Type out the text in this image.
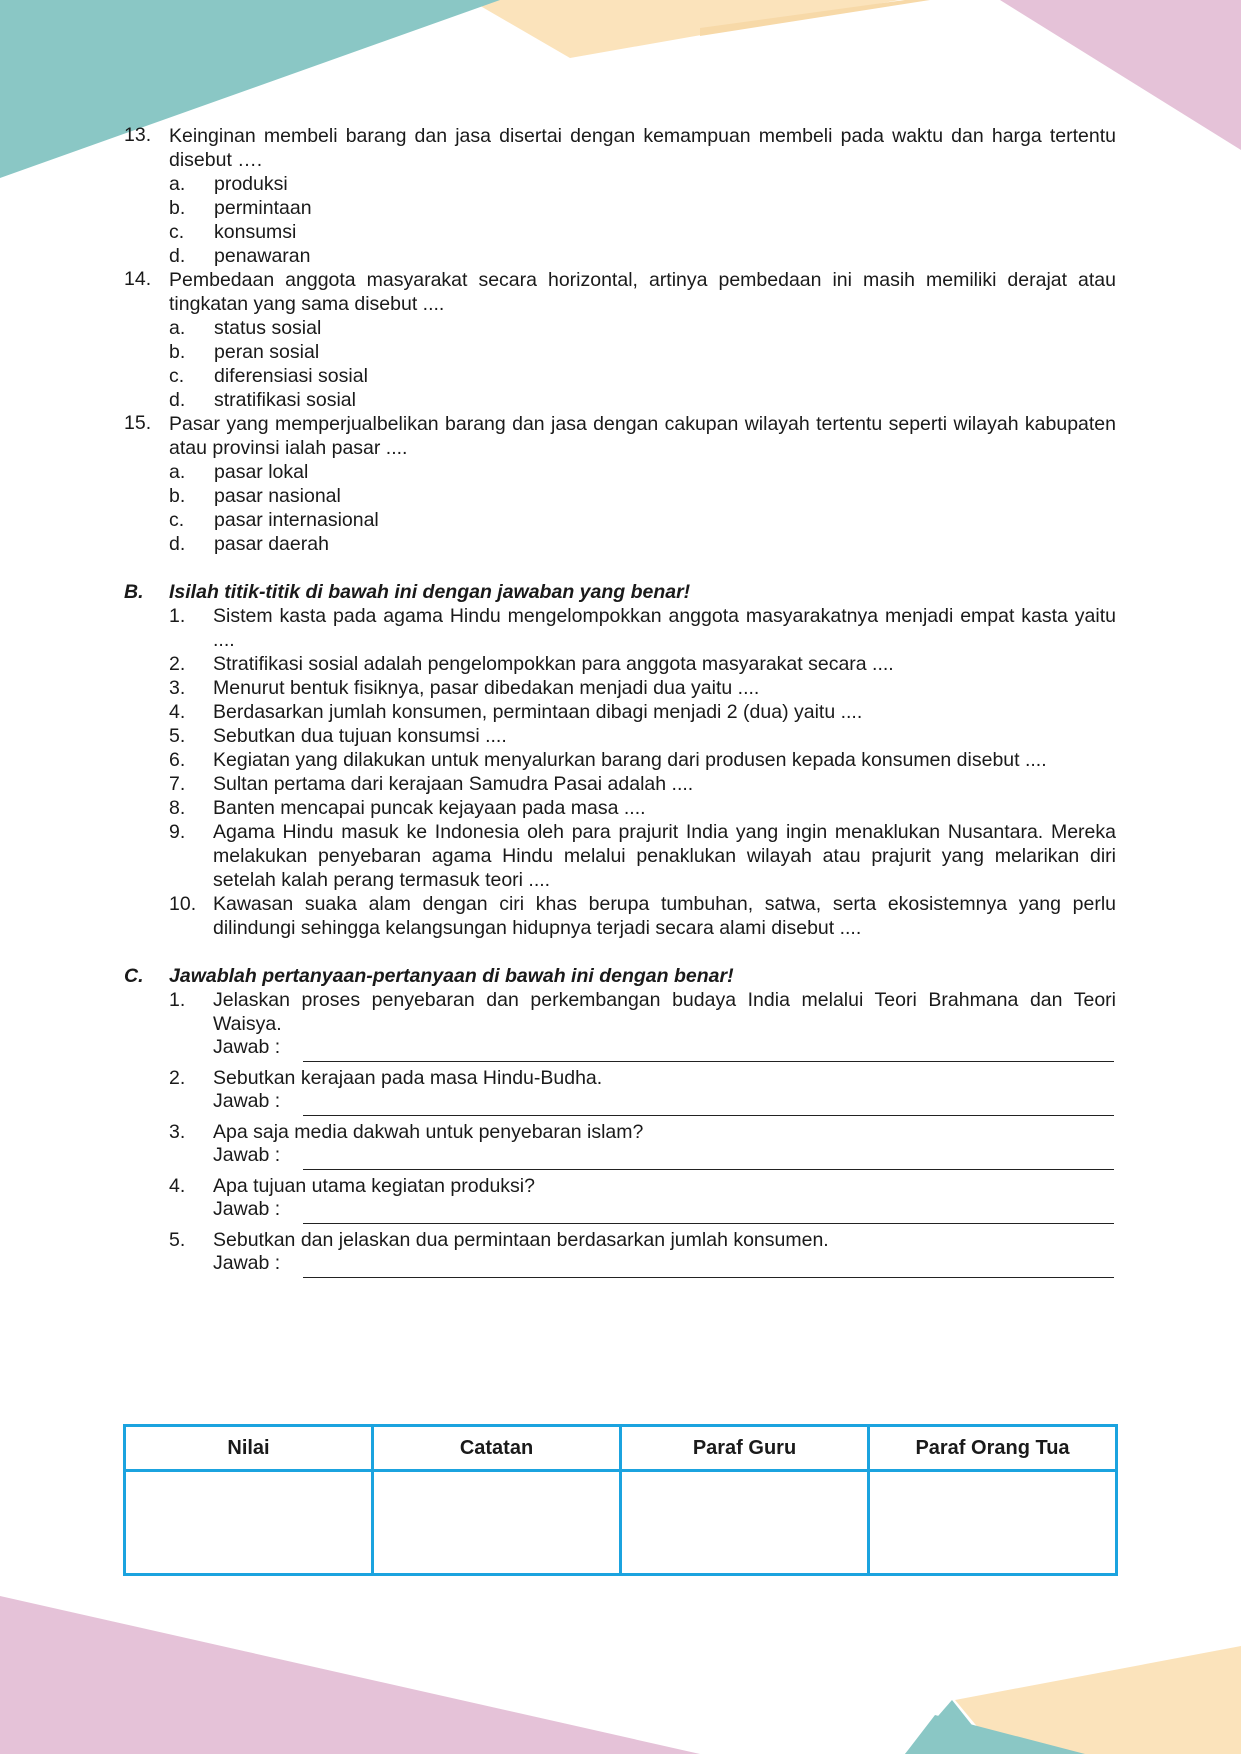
13. Keinginan membeli barang dan jasa disertai dengan kemampuan membeli pada waktu dan harga tertentu disebut ….
a. produksi
b. permintaan
c. konsumsi
d. penawaran
14. Pembedaan anggota masyarakat secara horizontal, artinya pembedaan ini masih memiliki derajat atau tingkatan yang sama disebut ....
a. status sosial
b. peran sosial
c. diferensiasi sosial
d. stratifikasi sosial
15. Pasar yang memperjualbelikan barang dan jasa dengan cakupan wilayah tertentu seperti wilayah kabupaten atau provinsi ialah pasar ....
a. pasar lokal
b. pasar nasional
c. pasar internasional
d. pasar daerah
B. Isilah titik-titik di bawah ini dengan jawaban yang benar!
1. Sistem kasta pada agama Hindu mengelompokkan anggota masyarakatnya menjadi empat kasta yaitu ....
2. Stratifikasi sosial adalah pengelompokkan para anggota masyarakat secara ....
3. Menurut bentuk fisiknya, pasar dibedakan menjadi dua yaitu ....
4. Berdasarkan jumlah konsumen, permintaan dibagi menjadi 2 (dua) yaitu ....
5. Sebutkan dua tujuan konsumsi ....
6. Kegiatan yang dilakukan untuk menyalurkan barang dari produsen kepada konsumen disebut ....
7. Sultan pertama dari kerajaan Samudra Pasai adalah ....
8. Banten mencapai puncak kejayaan pada masa ....
9. Agama Hindu masuk ke Indonesia oleh para prajurit India yang ingin menaklukan Nusantara. Mereka melakukan penyebaran agama Hindu melalui penaklukan wilayah atau prajurit yang melarikan diri setelah kalah perang termasuk teori ....
10. Kawasan suaka alam dengan ciri khas berupa tumbuhan, satwa, serta ekosistemnya yang perlu dilindungi sehingga kelangsungan hidupnya terjadi secara alami disebut ....
C. Jawablah pertanyaan-pertanyaan di bawah ini dengan benar!
1. Jelaskan proses penyebaran dan perkembangan budaya India melalui Teori Brahmana dan Teori Waisya.
Jawab :
2. Sebutkan kerajaan pada masa Hindu-Budha.
Jawab :
3. Apa saja media dakwah untuk penyebaran islam?
Jawab :
4. Apa tujuan utama kegiatan produksi?
Jawab :
5. Sebutkan dan jelaskan dua permintaan berdasarkan jumlah konsumen.
Jawab :
Nilai	Catatan	Paraf Guru	Paraf Orang Tua
